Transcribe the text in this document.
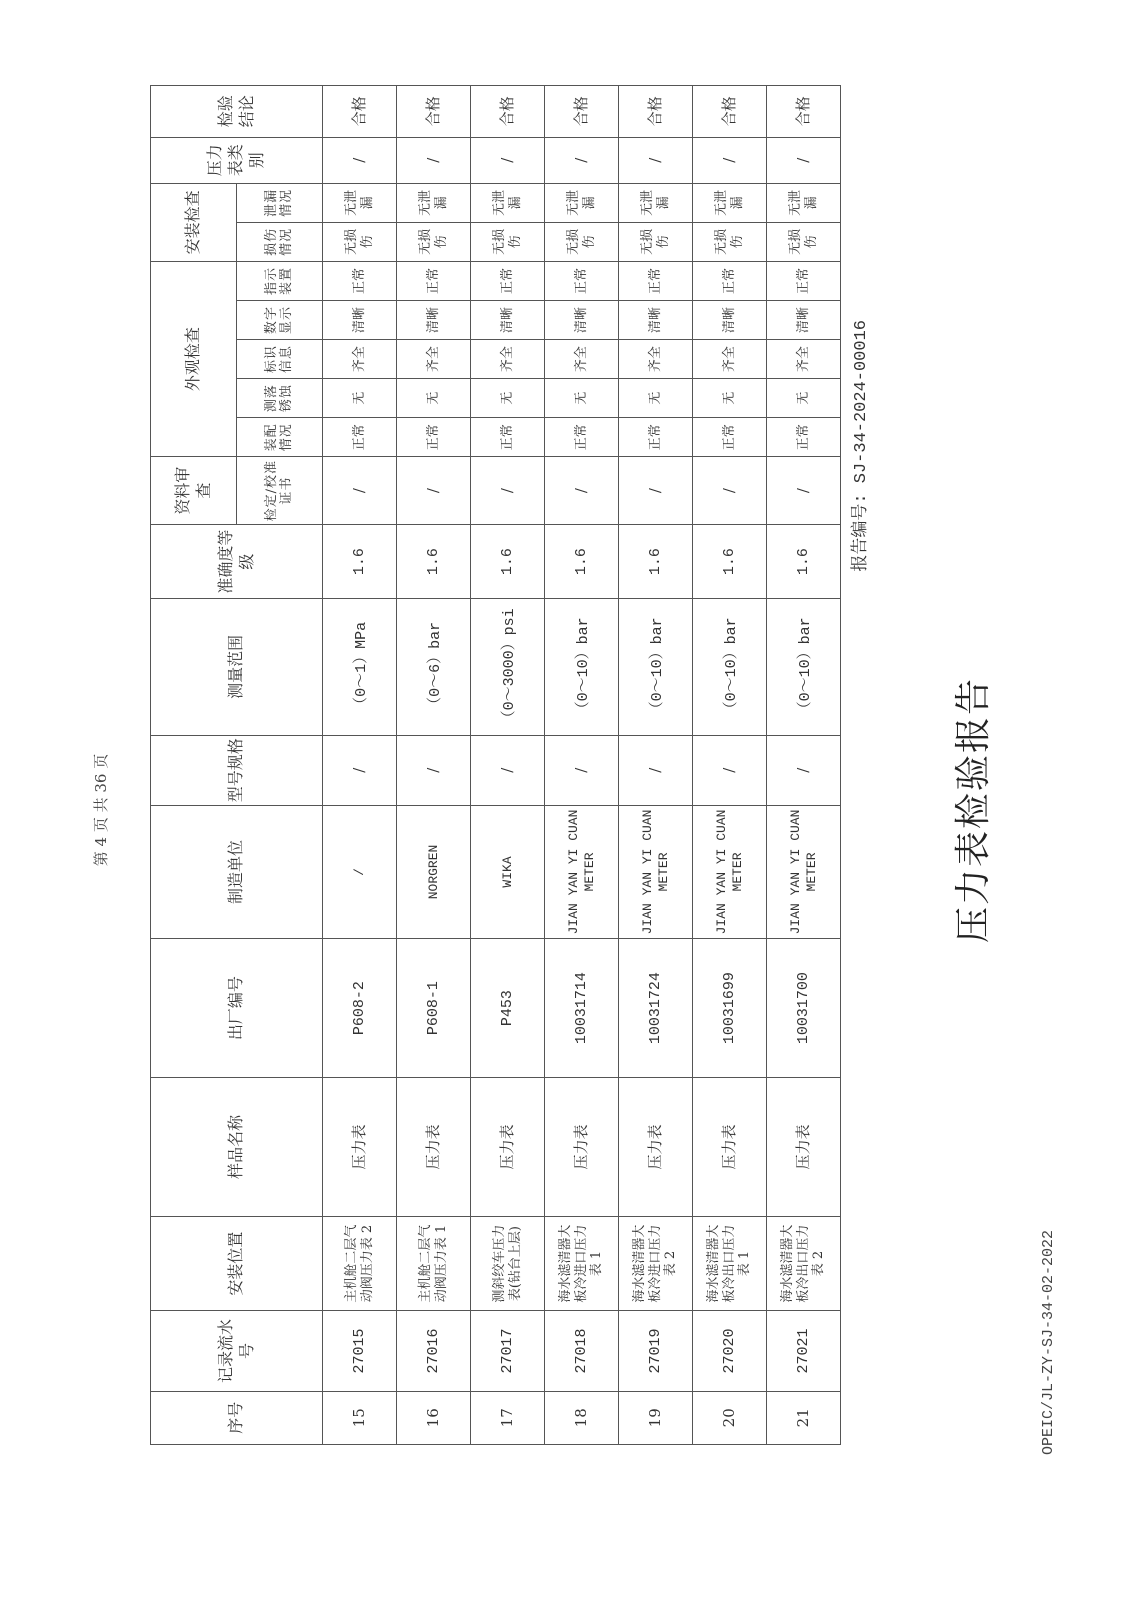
OPEIC/JL-ZY-SJ-34-02-2022
压力表检验报告
报告编号: SJ-34-2024-00016
序号	记录流水号	安装位置	样品名称	出厂编号	制造单位	型号规格	测量范围	准确度等级	资料审查	外观检查					安装检查		压力表类别	检验结论
									检定/校准证书	装配情况	测落锈蚀	标识信息	数字显示	指示装置	损伤情况	泄漏情况		
15	27015	主机舱二层气动阀压力表 2	压力表	P608-2	/	/	（0～1）MPa	1.6	/	正常	无	齐全	清晰	正常	无损伤	无泄漏	/	合格
16	27016	主机舱二层气动阀压力表 1	压力表	P608-1	NORGREN	/	（0～6）bar	1.6	/	正常	无	齐全	清晰	正常	无损伤	无泄漏	/	合格
17	27017	测斜绞车压力表(钻台上层)	压力表	P453	WIKA	/	（0～3000）psi	1.6	/	正常	无	齐全	清晰	正常	无损伤	无泄漏	/	合格
18	27018	海水滤清器大板冷进口压力表 1	压力表	10031714	JIAN YAN YI CUAN METER	/	（0～10）bar	1.6	/	正常	无	齐全	清晰	正常	无损伤	无泄漏	/	合格
19	27019	海水滤清器大板冷进口压力表 2	压力表	10031724	JIAN YAN YI CUAN METER	/	（0～10）bar	1.6	/	正常	无	齐全	清晰	正常	无损伤	无泄漏	/	合格
20	27020	海水滤清器大板冷出口压力表 1	压力表	10031699	JIAN YAN YI CUAN METER	/	（0～10）bar	1.6	/	正常	无	齐全	清晰	正常	无损伤	无泄漏	/	合格
21	27021	海水滤清器大板冷出口压力表 2	压力表	10031700	JIAN YAN YI CUAN METER	/	（0～10）bar	1.6	/	正常	无	齐全	清晰	正常	无损伤	无泄漏	/	合格
第 4 页 共 36 页
